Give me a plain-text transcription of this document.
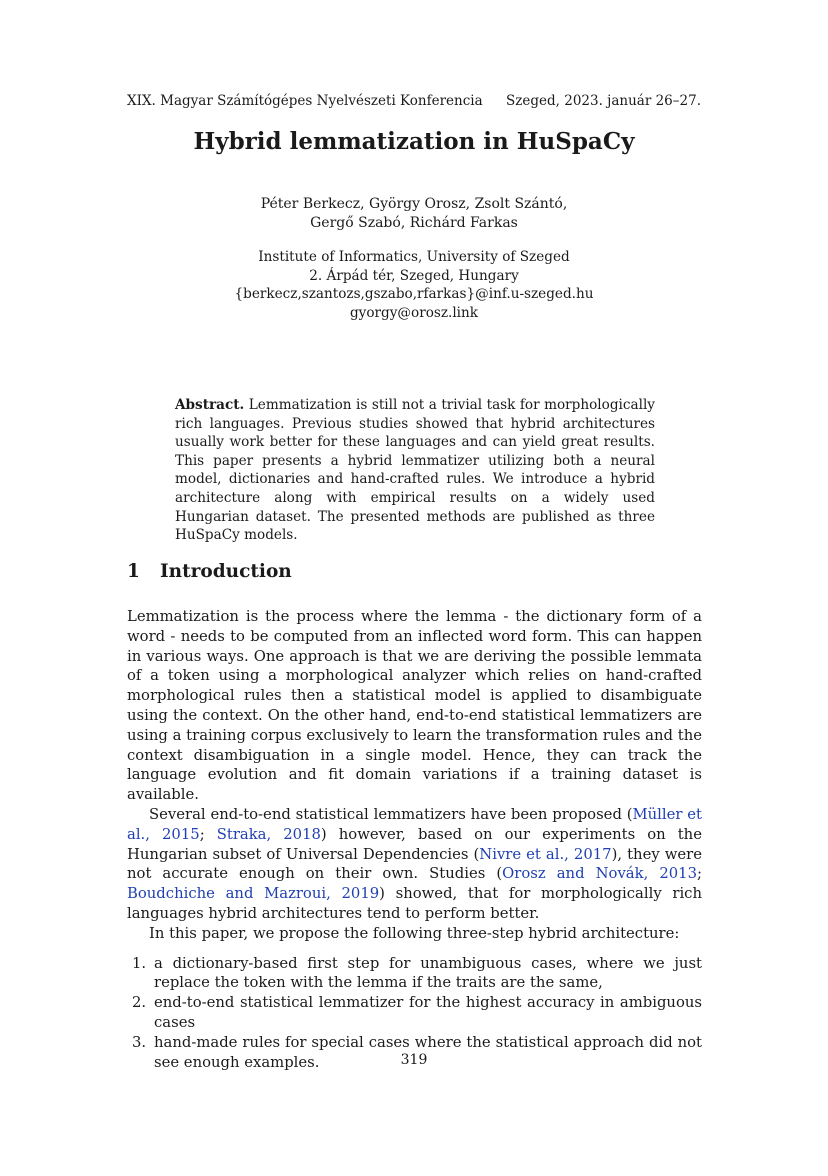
XIX. Magyar Számítógépes Nyelvészeti Konferencia Szeged, 2023. január 26–27.
Hybrid lemmatization in HuSpaCy
Péter Berkecz, György Orosz, Zsolt Szántó,
Gergő Szabó, Richárd Farkas
Institute of Informatics, University of Szeged
2. Árpád tér, Szeged, Hungary
{berkecz,szantozs,gszabo,rfarkas}@inf.u-szeged.hu
gyorgy@orosz.link
Abstract. Lemmatization is still not a trivial task for morphologically rich languages. Previous studies showed that hybrid architectures usually work better for these languages and can yield great results. This paper presents a hybrid lemmatizer utilizing both a neural model, dictionaries and hand-crafted rules. We introduce a hybrid architecture along with empirical results on a widely used Hungarian dataset. The presented methods are published as three HuSpaCy models.
1 Introduction

Lemmatization is the process where the lemma - the dictionary form of a word - needs to be computed from an inflected word form. This can happen in various ways. One approach is that we are deriving the possible lemmata of a token using a morphological analyzer which relies on hand-crafted morphological rules then a statistical model is applied to disambiguate using the context. On the other hand, end-to-end statistical lemmatizers are using a training corpus exclusively to learn the transformation rules and the context disambiguation in a single model. Hence, they can track the language evolution and fit domain variations if a training dataset is available.

Several end-to-end statistical lemmatizers have been proposed (Müller et al., 2015; Straka, 2018) however, based on our experiments on the Hungarian subset of Universal Dependencies (Nivre et al., 2017), they were not accurate enough on their own. Studies (Orosz and Novák, 2013; Boudchiche and Mazroui, 2019) showed, that for morphologically rich languages hybrid architectures tend to perform better.

In this paper, we propose the following three-step hybrid architecture:

1. a dictionary-based first step for unambiguous cases, where we just replace the token with the lemma if the traits are the same,
2. end-to-end statistical lemmatizer for the highest accuracy in ambiguous cases
3. hand-made rules for special cases where the statistical approach did not see enough examples.	319
